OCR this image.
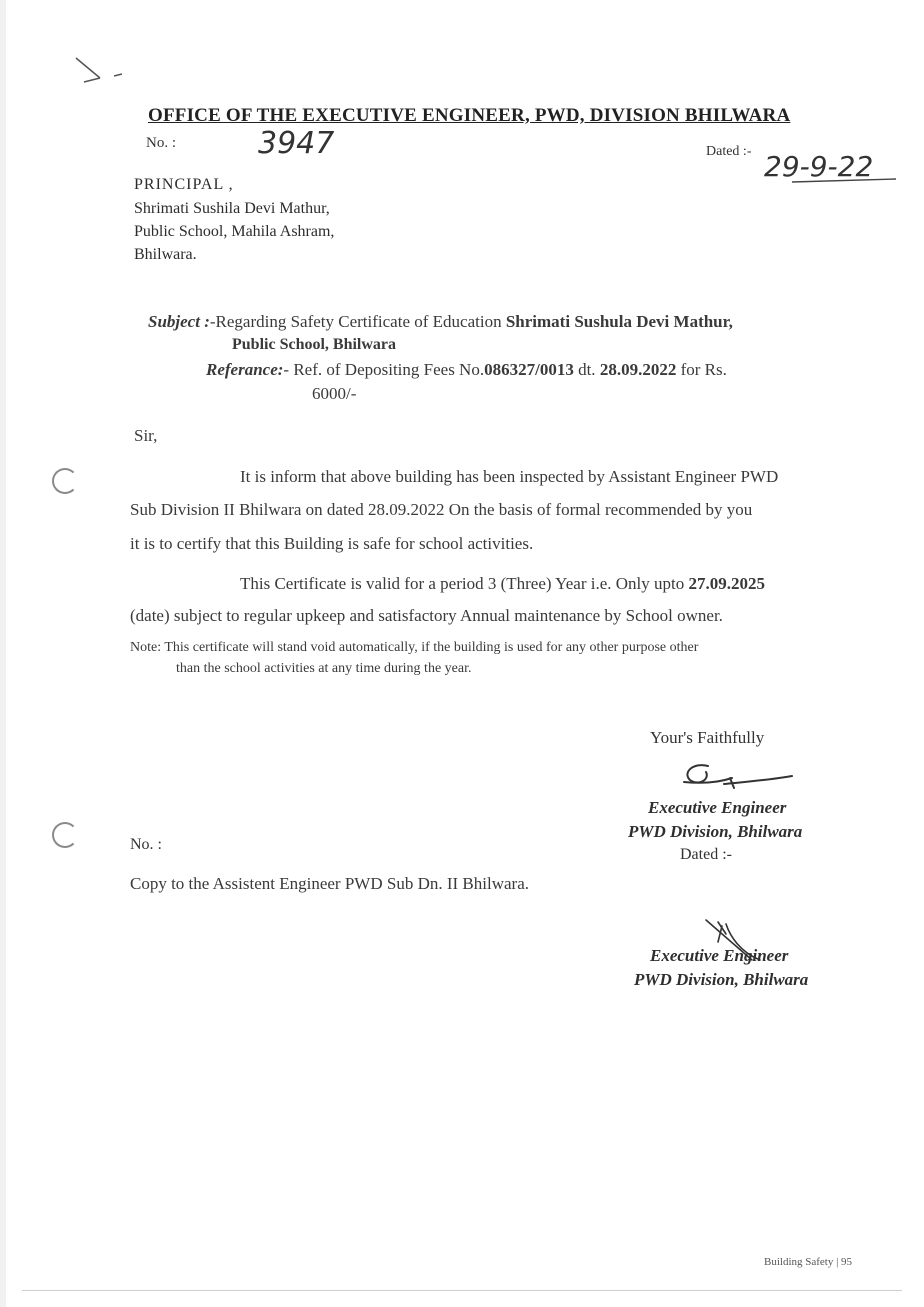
OFFICE OF THE EXECUTIVE ENGINEER, PWD, DIVISION BHILWARA
No. :	3947	Dated :- 29-9-22
PRINCIPAL ,
Shrimati Sushila Devi Mathur,
Public School, Mahila Ashram,
Bhilwara.
Subject :-Regarding Safety Certificate of Education Shrimati Sushula Devi Mathur,
Public School, Bhilwara
Referance:- Ref. of Depositing Fees No.086327/0013 dt. 28.09.2022 for Rs.
6000/-
Sir,
It is inform that above building has been inspected by Assistant Engineer PWD
Sub Division II Bhilwara on dated 28.09.2022 On the basis of formal recommended by you
it is to certify that this Building is safe for school activities.
This Certificate is valid for a period 3 (Three) Year i.e. Only upto 27.09.2025
(date) subject to regular upkeep and satisfactory Annual maintenance by School owner.
Note: This certificate will stand void automatically, if the building is used for any other purpose other
than the school activities at any time during the year.
Your's Faithfully
Executive Engineer
PWD Division, Bhilwara
Dated :-
No. :
Copy to the Assistent Engineer PWD Sub Dn. II Bhilwara.
Executive Engineer
PWD Division, Bhilwara
Building Safety | 95
